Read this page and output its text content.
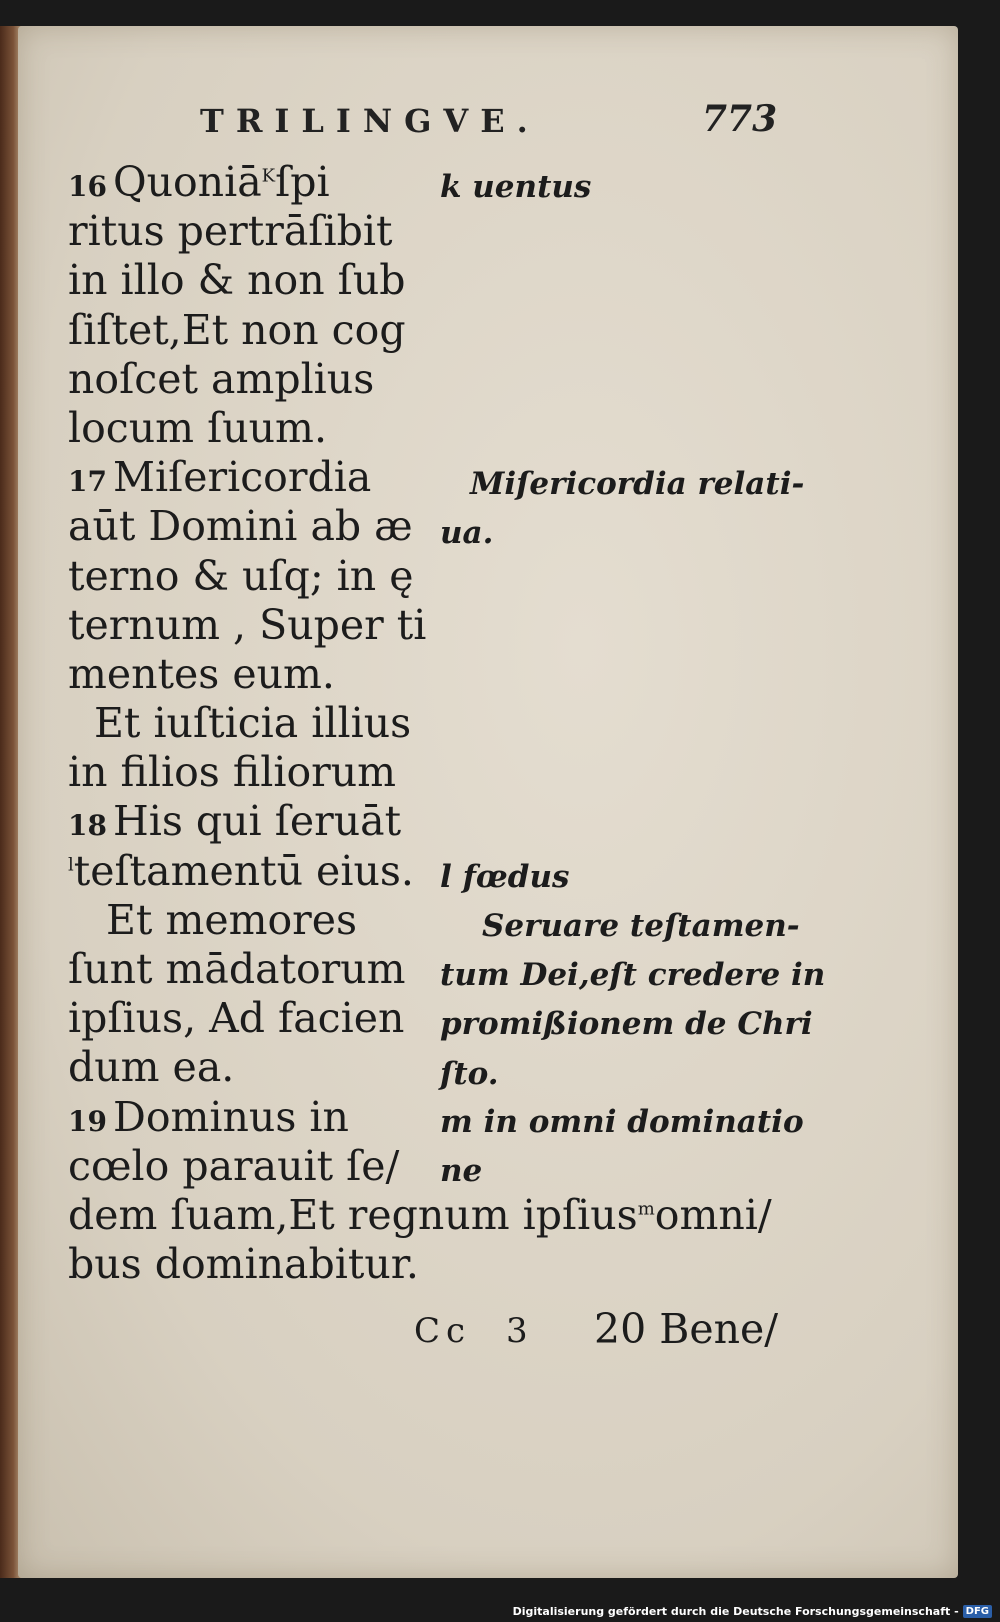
TRILINGVE.	773
16 Quoniā$^K$ſpi
ritus pertrāſibit
in illo & non ſub
ſiſtet,Et non cog
noſcet amplius
locum ſuum.
17 Miſericordia
aūt Domini ab æ
terno & uſq; in ę
ternum , Super ti
mentes eum.
Et iuſticia illius
in filios filiorum
18 His qui ſeruāt
$^l$teſtamentū eius.
Et memores
ſunt mādatorum
ipſius, Ad facien
dum ea.
19 Dominus in
cœlo parauit ſe/
dem ſuam,Et regnum ipſius$^m$omni/
bus dominabitur.
k uentus
Miſericordia relati-
ua.
l fœdus
Seruare teſtamen-
tum Dei,eſt credere in
promißionem de Chri
ſto.
m in omni dominatio
ne
Cc 3 20 Bene/
Digitalisierung gefördert durch die Deutsche Forschungsgemeinschaft - DFG
